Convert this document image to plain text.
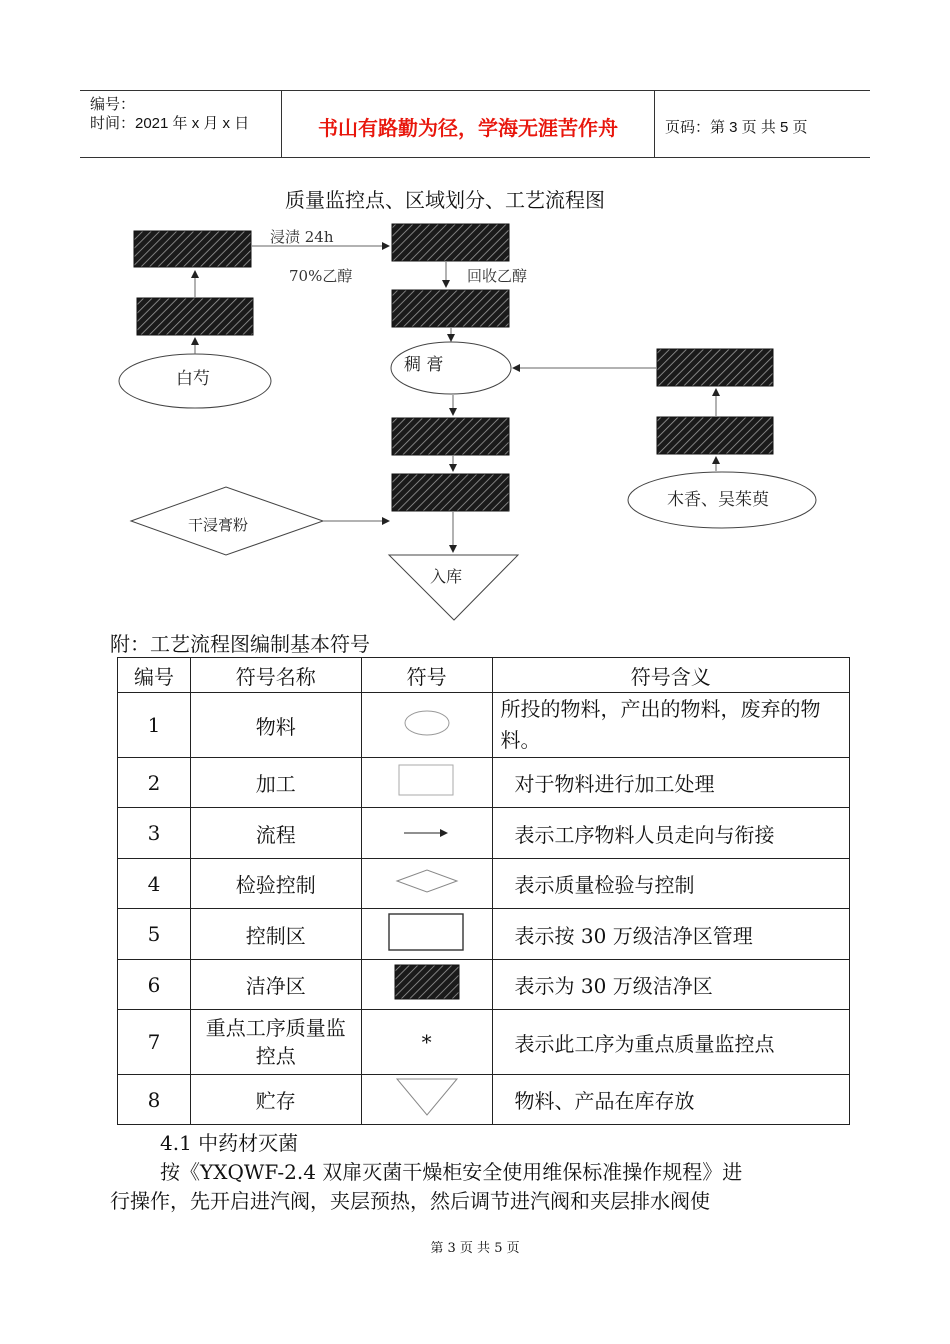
编号：
时间：2021 年 x 月 x 日	书山有路勤为径，学海无涯苦作舟	页码：第 3 页 共 5 页
质量监控点、区域划分、工艺流程图
浸渍 24h
70%乙醇	回收乙醇
白芍
稠 膏
木香、吴茱萸
干浸膏粉
入库
附：工艺流程图编制基本符号
编号	符号名称	符号	符号含义
1	物料		所投的物料，产出的物料，废弃的物料。
2	加工		对于物料进行加工处理
3	流程		表示工序物料人员走向与衔接
4	检验控制		表示质量检验与控制
5	控制区		表示按 30 万级洁净区管理
6	洁净区		表示为 30 万级洁净区
7	重点工序质量监控点	*	表示此工序为重点质量监控点
8	贮存		物料、产品在库存放
4.1 中药材灭菌
按《YXQWF-2.4 双扉灭菌干燥柜安全使用维保标准操作规程》进
行操作，先开启进汽阀，夹层预热，然后调节进汽阀和夹层排水阀使
第 3 页 共 5 页
